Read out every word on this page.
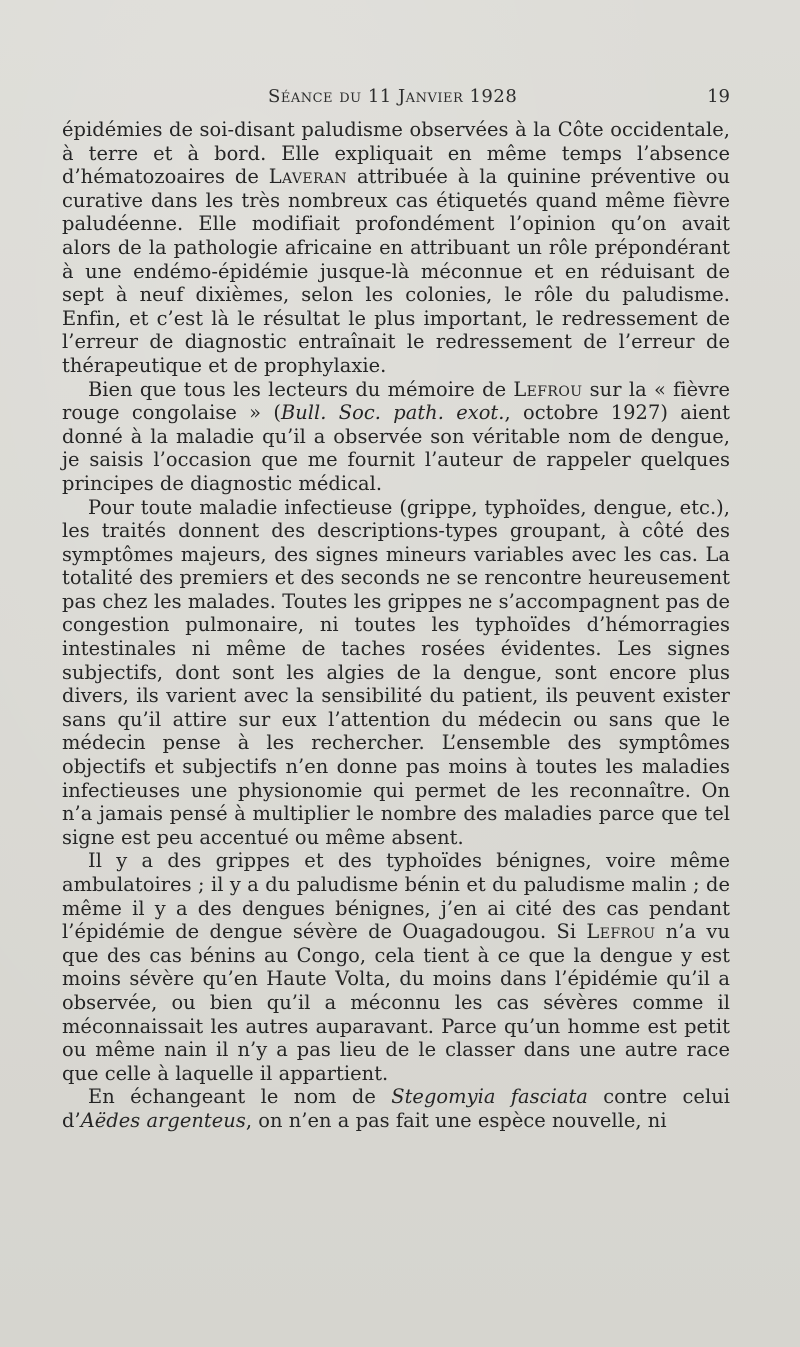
Séance du 11 Janvier 1928	19

épidémies de soi-disant paludisme observées à la Côte occidentale, à terre et à bord. Elle expliquait en même temps l’absence d’hématozoaires de Laveran attribuée à la quinine préventive ou curative dans les très nombreux cas étiquetés quand même fièvre paludéenne. Elle modifiait profondément l’opinion qu’on avait alors de la pathologie africaine en attribuant un rôle prépondérant à une endémo-épidémie jusque-là méconnue et en réduisant de sept à neuf dixièmes, selon les colonies, le rôle du paludisme. Enfin, et c’est là le résultat le plus important, le redressement de l’erreur de diagnostic entraînait le redressement de l’erreur de thérapeutique et de prophylaxie.

Bien que tous les lecteurs du mémoire de Lefrou sur la « fièvre rouge congolaise » (Bull. Soc. path. exot., octobre 1927) aient donné à la maladie qu’il a observée son véritable nom de dengue, je saisis l’occasion que me fournit l’auteur de rappeler quelques principes de diagnostic médical.

Pour toute maladie infectieuse (grippe, typhoïdes, dengue, etc.), les traités donnent des descriptions-types groupant, à côté des symptômes majeurs, des signes mineurs variables avec les cas. La totalité des premiers et des seconds ne se rencontre heureusement pas chez les malades. Toutes les grippes ne s’accompagnent pas de congestion pulmonaire, ni toutes les typhoïdes d’hémorragies intestinales ni même de taches rosées évidentes. Les signes subjectifs, dont sont les algies de la dengue, sont encore plus divers, ils varient avec la sensibilité du patient, ils peuvent exister sans qu’il attire sur eux l’attention du médecin ou sans que le médecin pense à les rechercher. L’ensemble des symptômes objectifs et subjectifs n’en donne pas moins à toutes les maladies infectieuses une physionomie qui permet de les reconnaître. On n’a jamais pensé à multiplier le nombre des maladies parce que tel signe est peu accentué ou même absent.

Il y a des grippes et des typhoïdes bénignes, voire même ambulatoires ; il y a du paludisme bénin et du paludisme malin ; de même il y a des dengues bénignes, j’en ai cité des cas pendant l’épidémie de dengue sévère de Ouagadougou. Si Lefrou n’a vu que des cas bénins au Congo, cela tient à ce que la dengue y est moins sévère qu’en Haute Volta, du moins dans l’épidémie qu’il a observée, ou bien qu’il a méconnu les cas sévères comme il méconnaissait les autres auparavant. Parce qu’un homme est petit ou même nain il n’y a pas lieu de le classer dans une autre race que celle à laquelle il appartient.

En échangeant le nom de Stegomyia fasciata contre celui d’Aëdes argenteus, on n’en a pas fait une espèce nouvelle, ni
